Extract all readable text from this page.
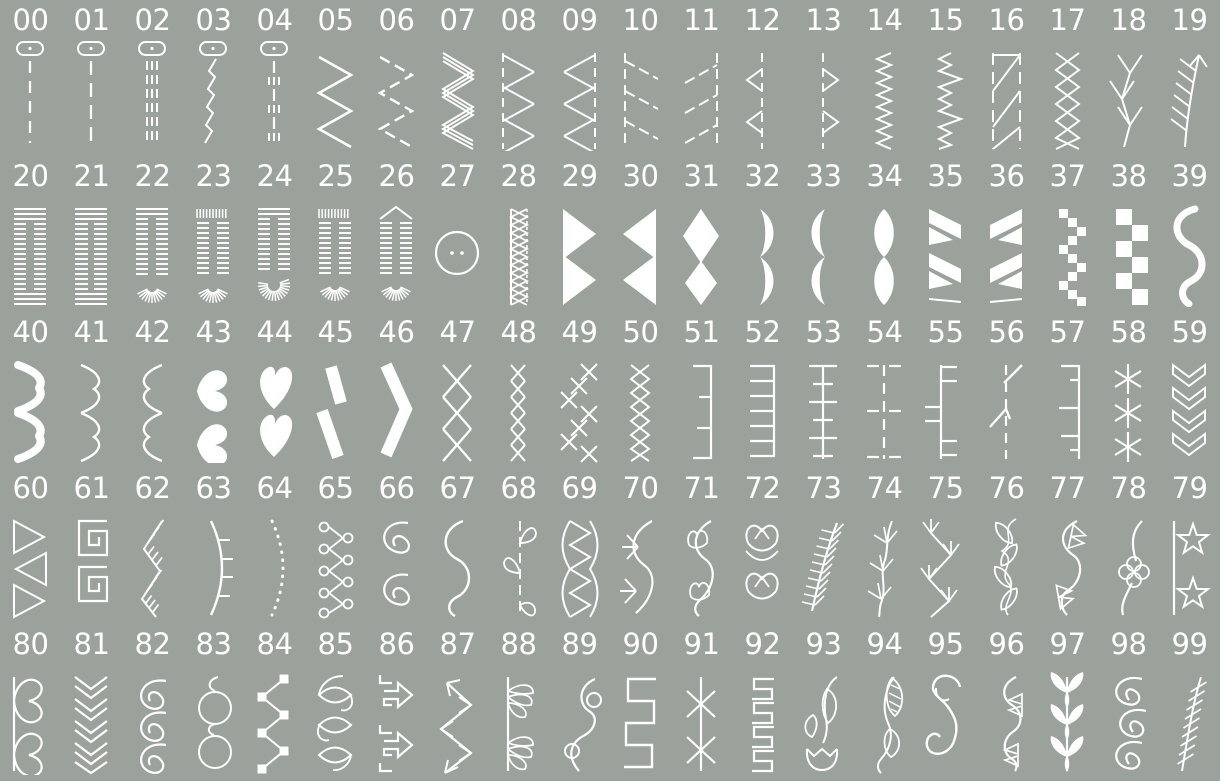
00 01 02 03 04 05 06 07 08 09 10 11 12 13 14 15 16 17 18 19
20 21 22 23 24 25 26 27 28 29 30 31 32 33 34 35 36 37 38 39
40 41 42 43 44 45 46 47 48 49 50 51 52 53 54 55 56 57 58 59
60 61 62 63 64 65 66 67 68 69 70 71 72 73 74 75 76 77 78 79
80 81 82 83 84 85 86 87 88 89 90 91 92 93 94 95 96 97 98 99
